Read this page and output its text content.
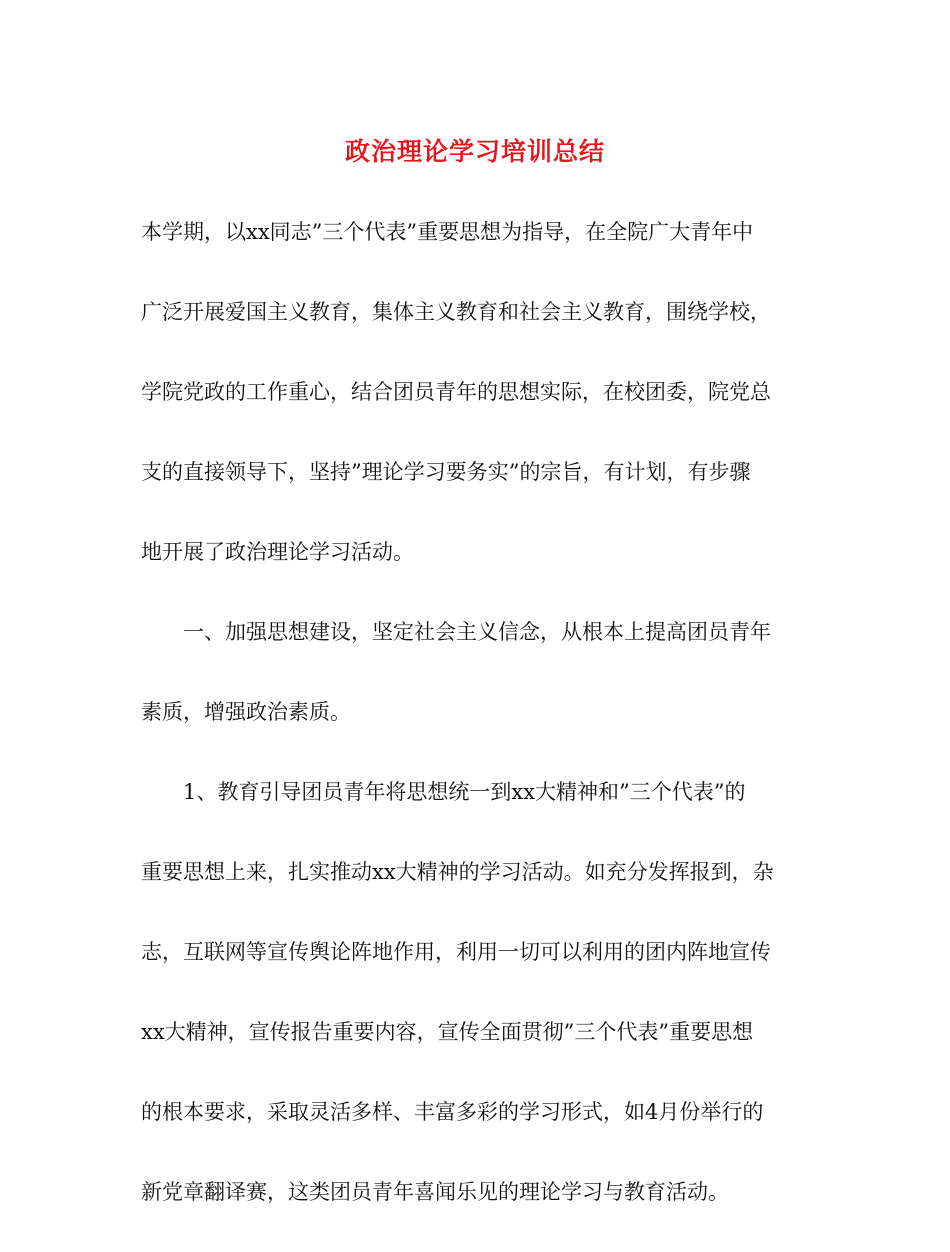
政治理论学习培训总结
本学期，以xx同志”三个代表”重要思想为指导，在全院广大青年中
广泛开展爱国主义教育，集体主义教育和社会主义教育，围绕学校，
学院党政的工作重心，结合团员青年的思想实际，在校团委，院党总
支的直接领导下，坚持”理论学习要务实”的宗旨，有计划，有步骤
地开展了政治理论学习活动。
一、加强思想建设，坚定社会主义信念，从根本上提高团员青年
素质，增强政治素质。
1、教育引导团员青年将思想统一到xx大精神和”三个代表”的
重要思想上来，扎实推动xx大精神的学习活动。如充分发挥报到，杂
志，互联网等宣传舆论阵地作用，利用一切可以利用的团内阵地宣传
xx大精神，宣传报告重要内容，宣传全面贯彻”三个代表”重要思想
的根本要求，采取灵活多样、丰富多彩的学习形式，如4月份举行的
新党章翻译赛，这类团员青年喜闻乐见的理论学习与教育活动。
